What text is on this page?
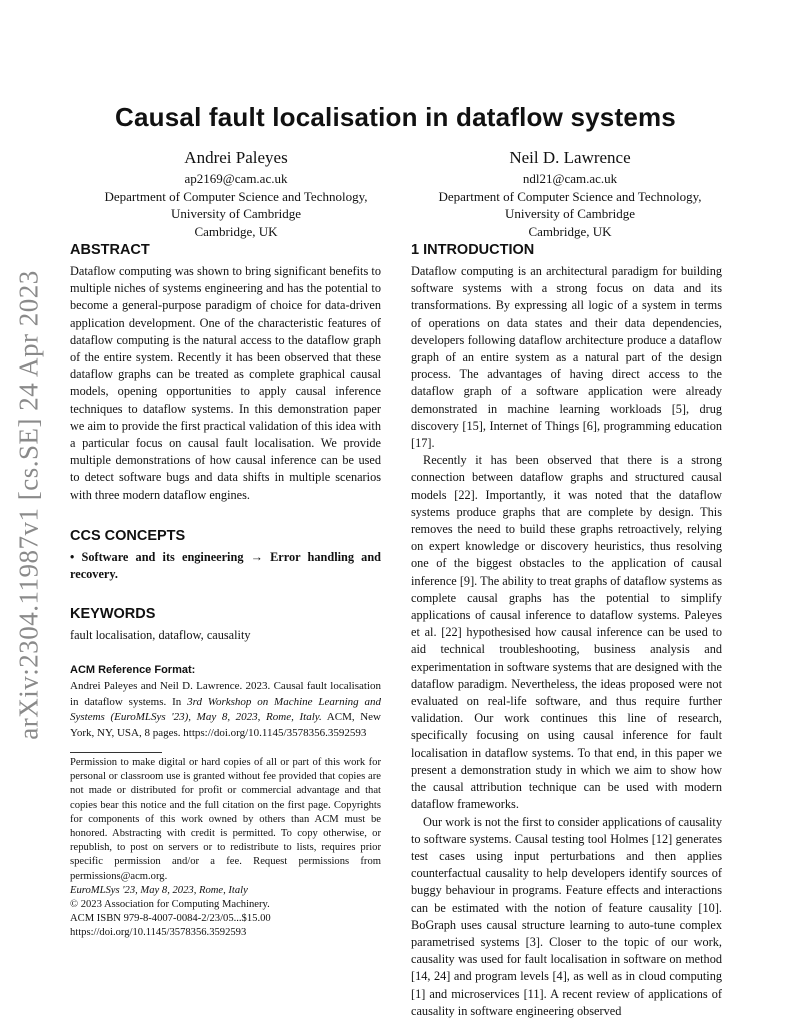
arXiv:2304.11987v1 [cs.SE] 24 Apr 2023
Causal fault localisation in dataflow systems
Andrei Paleyes
ap2169@cam.ac.uk
Department of Computer Science and Technology,
University of Cambridge
Cambridge, UK
Neil D. Lawrence
ndl21@cam.ac.uk
Department of Computer Science and Technology,
University of Cambridge
Cambridge, UK
ABSTRACT

Dataflow computing was shown to bring significant benefits to multiple niches of systems engineering and has the potential to become a general-purpose paradigm of choice for data-driven application development. One of the characteristic features of dataflow computing is the natural access to the dataflow graph of the entire system. Recently it has been observed that these dataflow graphs can be treated as complete graphical causal models, opening opportunities to apply causal inference techniques to dataflow systems. In this demonstration paper we aim to provide the first practical validation of this idea with a particular focus on causal fault localisation. We provide multiple demonstrations of how causal inference can be used to detect software bugs and data shifts in multiple scenarios with three modern dataflow engines.

CCS CONCEPTS

• Software and its engineering → Error handling and recovery.

KEYWORDS

fault localisation, dataflow, causality

ACM Reference Format:

Andrei Paleyes and Neil D. Lawrence. 2023. Causal fault localisation in dataflow systems. In 3rd Workshop on Machine Learning and Systems (EuroMLSys '23), May 8, 2023, Rome, Italy. ACM, New York, NY, USA, 8 pages. https://doi.org/10.1145/3578356.3592593

Permission to make digital or hard copies of all or part of this work for personal or classroom use is granted without fee provided that copies are not made or distributed for profit or commercial advantage and that copies bear this notice and the full citation on the first page. Copyrights for components of this work owned by others than ACM must be honored. Abstracting with credit is permitted. To copy otherwise, or republish, to post on servers or to redistribute to lists, requires prior specific permission and/or a fee. Request permissions from permissions@acm.org.

EuroMLSys '23, May 8, 2023, Rome, Italy

© 2023 Association for Computing Machinery.

ACM ISBN 979-8-4007-0084-2/23/05...$15.00

https://doi.org/10.1145/3578356.3592593

1 INTRODUCTION

Dataflow computing is an architectural paradigm for building software systems with a strong focus on data and its transformations. By expressing all logic of a system in terms of operations on data states and their data dependencies, developers following dataflow architecture produce a dataflow graph of an entire system as a natural part of the design process. The advantages of having direct access to the dataflow graph of a software application were already demonstrated in machine learning workloads [5], drug discovery [15], Internet of Things [6], programming education [17].

Recently it has been observed that there is a strong connection between dataflow graphs and structured causal models [22]. Importantly, it was noted that the dataflow systems produce graphs that are complete by design. This removes the need to build these graphs retroactively, relying on expert knowledge or discovery heuristics, thus resolving one of the biggest obstacles to the application of causal inference [9]. The ability to treat graphs of dataflow systems as complete causal graphs has the potential to simplify applications of causal inference to dataflow systems. Paleyes et al. [22] hypothesised how causal inference can be used to aid technical troubleshooting, business analysis and experimentation in software systems that are designed with the dataflow paradigm. Nevertheless, the ideas proposed were not evaluated on real-life software, and thus require further validation. Our work continues this line of research, specifically focusing on using causal inference for fault localisation in dataflow systems. To that end, in this paper we present a demonstration study in which we aim to show how the causal attribution technique can be used with modern dataflow frameworks.

Our work is not the first to consider applications of causality to software systems. Causal testing tool Holmes [12] generates test cases using input perturbations and then applies counterfactual causality to help developers identify sources of buggy behaviour in programs. Feature effects and interactions can be estimated with the notion of feature causality [10]. BoGraph uses causal structure learning to auto-tune complex parametrised systems [3]. Closer to the topic of our work, causality was used for fault localisation in software on method [14, 24] and program levels [4], as well as in cloud computing [1] and microservices [11]. A recent review of applications of causality in software engineering observed
